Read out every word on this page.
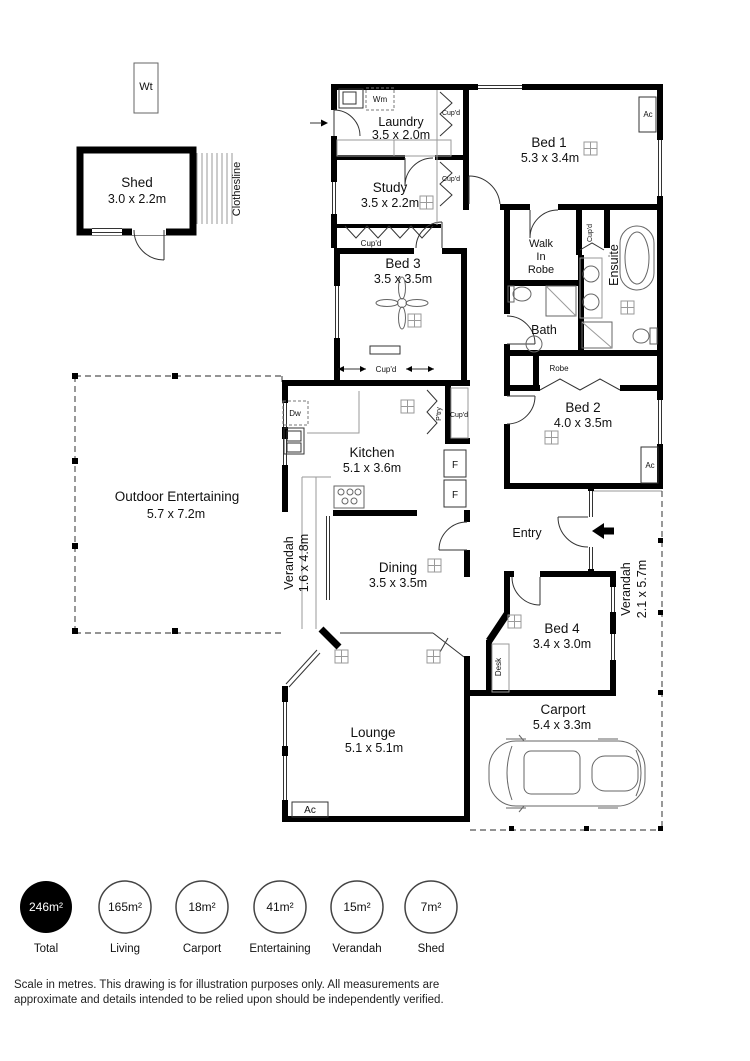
Wt
Shed
3.0 x 2.2m	Clothesline
Wm
Cup'd
Cup'd
Cup'd
Cup'd
Cup'd
Dw	P'try Cup'd
F
F
Ac
Ac
Ac
Desk
Laundry
3.5 x 2.0m
Study
3.5 x 2.2m
Bed 1
5.3 x 3.4m
Bed 3
3.5 x 3.5m
Walk
In
Robe	Ensuite
Bath
Robe
Bed 2
4.0 x 3.5m
Kitchen
5.1 x 3.6m
Outdoor Entertaining
5.7 x 7.2m
Verandah 1.6 x 4.8m	Dining
3.5 x 3.5m
Entry
Bed 4
3.4 x 3.0m
Verandah 2.1 x 5.7m
Lounge
5.1 x 5.1m
Carport
5.4 x 3.3m
246m²
Total
165m²
Living
18m²
Carport
41m²
Entertaining
15m²
Verandah
7m²
Shed
Scale in metres. This drawing is for illustration purposes only. All measurements are
approximate and details intended to be relied upon should be independently verified.
